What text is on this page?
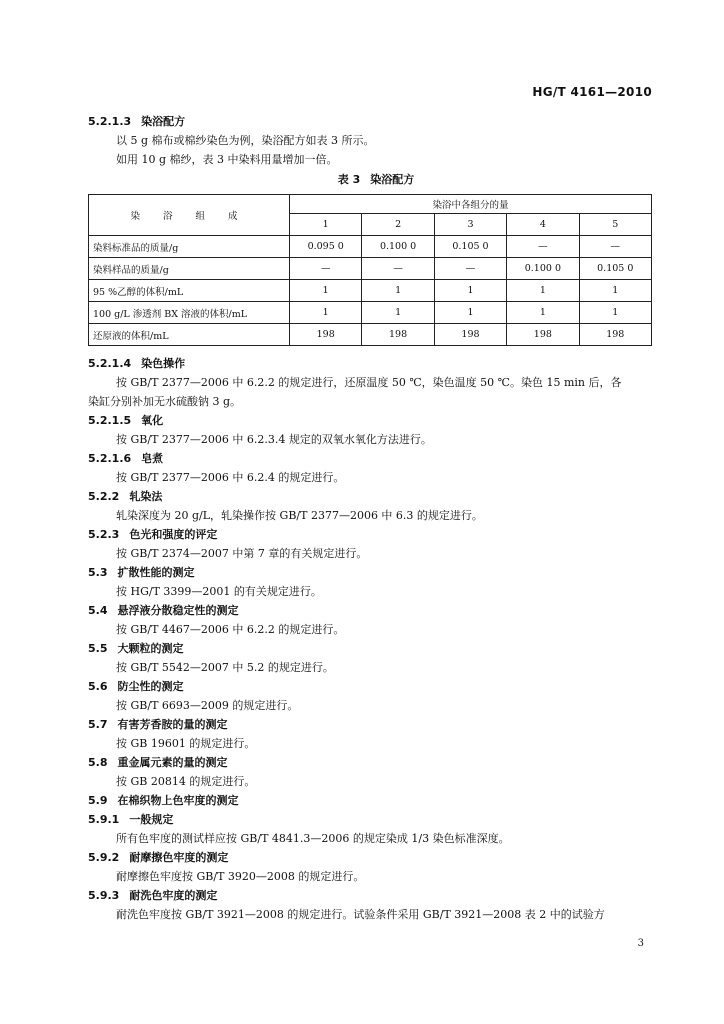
HG/T 4161—2010
5.2.1.3 染浴配方
以 5 g 棉布或棉纱染色为例，染浴配方如表 3 所示。
如用 10 g 棉纱，表 3 中染料用量增加一倍。
表 3 染浴配方
染 浴 组 成	染浴中各组分的量				
	1	2	3	4	5
染料标准品的质量/g	0.095 0	0.100 0	0.105 0	—	—
染料样品的质量/g	—	—	—	0.100 0	0.105 0
95 %乙醇的体积/mL	1	1	1	1	1
100 g/L 渗透剂 BX 溶液的体积/mL	1	1	1	1	1
还原液的体积/mL	198	198	198	198	198
5.2.1.4 染色操作
按 GB/T 2377—2006 中 6.2.2 的规定进行，还原温度 50 ℃，染色温度 50 ℃。染色 15 min 后，各
染缸分别补加无水硫酸钠 3 g。
5.2.1.5 氧化
按 GB/T 2377—2006 中 6.2.3.4 规定的双氧水氧化方法进行。
5.2.1.6 皂煮
按 GB/T 2377—2006 中 6.2.4 的规定进行。
5.2.2 轧染法
轧染深度为 20 g/L，轧染操作按 GB/T 2377—2006 中 6.3 的规定进行。
5.2.3 色光和强度的评定
按 GB/T 2374—2007 中第 7 章的有关规定进行。
5.3 扩散性能的测定
按 HG/T 3399—2001 的有关规定进行。
5.4 悬浮液分散稳定性的测定
按 GB/T 4467—2006 中 6.2.2 的规定进行。
5.5 大颗粒的测定
按 GB/T 5542—2007 中 5.2 的规定进行。
5.6 防尘性的测定
按 GB/T 6693—2009 的规定进行。
5.7 有害芳香胺的量的测定
按 GB 19601 的规定进行。
5.8 重金属元素的量的测定
按 GB 20814 的规定进行。
5.9 在棉织物上色牢度的测定
5.9.1 一般规定
所有色牢度的测试样应按 GB/T 4841.3—2006 的规定染成 1/3 染色标准深度。
5.9.2 耐摩擦色牢度的测定
耐摩擦色牢度按 GB/T 3920—2008 的规定进行。
5.9.3 耐洗色牢度的测定
耐洗色牢度按 GB/T 3921—2008 的规定进行。试验条件采用 GB/T 3921—2008 表 2 中的试验方
3
